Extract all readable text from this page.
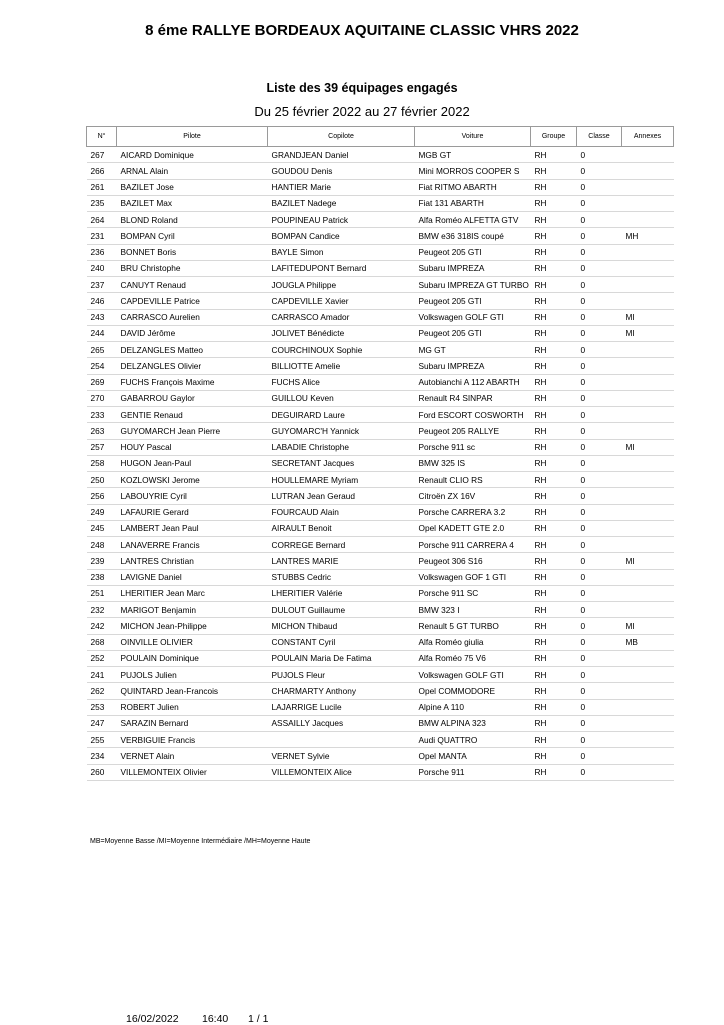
8 éme RALLYE BORDEAUX AQUITAINE CLASSIC VHRS 2022
Liste des 39 équipages engagés
Du 25 février 2022 au 27 février 2022
N°	Pilote	Copilote	Voiture	Groupe	Classe	Annexes
267	AICARD Dominique	GRANDJEAN Daniel	MGB GT	RH	0	
266	ARNAL Alain	GOUDOU Denis	Mini MORROS COOPER S	RH	0	
261	BAZILET Jose	HANTIER Marie	Fiat RITMO ABARTH	RH	0	
235	BAZILET Max	BAZILET Nadege	Fiat 131 ABARTH	RH	0	
264	BLOND Roland	POUPINEAU Patrick	Alfa Roméo ALFETTA GTV	RH	0	
231	BOMPAN Cyril	BOMPAN Candice	BMW e36 318IS coupé	RH	0	MH
236	BONNET Boris	BAYLE Simon	Peugeot 205 GTI	RH	0	
240	BRU Christophe	LAFITEDUPONT Bernard	Subaru IMPREZA	RH	0	
237	CANUYT Renaud	JOUGLA Philippe	Subaru IMPREZA GT TURBO	RH	0	
246	CAPDEVILLE Patrice	CAPDEVILLE Xavier	Peugeot 205 GTI	RH	0	
243	CARRASCO Aurelien	CARRASCO Amador	Volkswagen GOLF GTI	RH	0	MI
244	DAVID Jérôme	JOLIVET Bénédicte	Peugeot 205 GTI	RH	0	MI
265	DELZANGLES Matteo	COURCHINOUX Sophie	MG GT	RH	0	
254	DELZANGLES Olivier	BILLIOTTE Amelie	Subaru IMPREZA	RH	0	
269	FUCHS François Maxime	FUCHS Alice	Autobianchi A 112 ABARTH	RH	0	
270	GABARROU Gaylor	GUILLOU Keven	Renault R4 SINPAR	RH	0	
233	GENTIE Renaud	DEGUIRARD Laure	Ford ESCORT COSWORTH	RH	0	
263	GUYOMARCH Jean Pierre	GUYOMARC'H Yannick	Peugeot 205 RALLYE	RH	0	
257	HOUY Pascal	LABADIE Christophe	Porsche 911 sc	RH	0	MI
258	HUGON Jean-Paul	SECRETANT Jacques	BMW 325 IS	RH	0	
250	KOZLOWSKI Jerome	HOULLEMARE Myriam	Renault CLIO RS	RH	0	
256	LABOUYRIE Cyril	LUTRAN Jean Geraud	Citroën ZX 16V	RH	0	
249	LAFAURIE Gerard	FOURCAUD Alain	Porsche CARRERA 3.2	RH	0	
245	LAMBERT Jean Paul	AIRAULT Benoit	Opel KADETT GTE 2.0	RH	0	
248	LANAVERRE Francis	CORREGE Bernard	Porsche 911 CARRERA 4	RH	0	
239	LANTRES Christian	LANTRES MARIE	Peugeot 306 S16	RH	0	MI
238	LAVIGNE Daniel	STUBBS Cedric	Volkswagen GOF 1 GTI	RH	0	
251	LHERITIER Jean Marc	LHERITIER Valérie	Porsche 911 SC	RH	0	
232	MARIGOT Benjamin	DULOUT Guillaume	BMW 323 I	RH	0	
242	MICHON Jean-Philippe	MICHON Thibaud	Renault 5 GT TURBO	RH	0	MI
268	OINVILLE OLIVIER	CONSTANT Cyril	Alfa Roméo giulia	RH	0	MB
252	POULAIN Dominique	POULAIN Maria De Fatima	Alfa Roméo 75 V6	RH	0	
241	PUJOLS Julien	PUJOLS Fleur	Volkswagen GOLF GTI	RH	0	
262	QUINTARD Jean-Francois	CHARMARTY Anthony	Opel COMMODORE	RH	0	
253	ROBERT Julien	LAJARRIGE Lucile	Alpine A 110	RH	0	
247	SARAZIN Bernard	ASSAILLY Jacques	BMW ALPINA 323	RH	0	
255	VERBIGUIE Francis		Audi QUATTRO	RH	0	
234	VERNET Alain	VERNET Sylvie	Opel MANTA	RH	0	
260	VILLEMONTEIX Olivier	VILLEMONTEIX Alice	Porsche 911	RH	0	
MB=Moyenne Basse /MI=Moyenne Intermédiaire /MH=Moyenne Haute
16/02/2022 16:40 1 / 1
